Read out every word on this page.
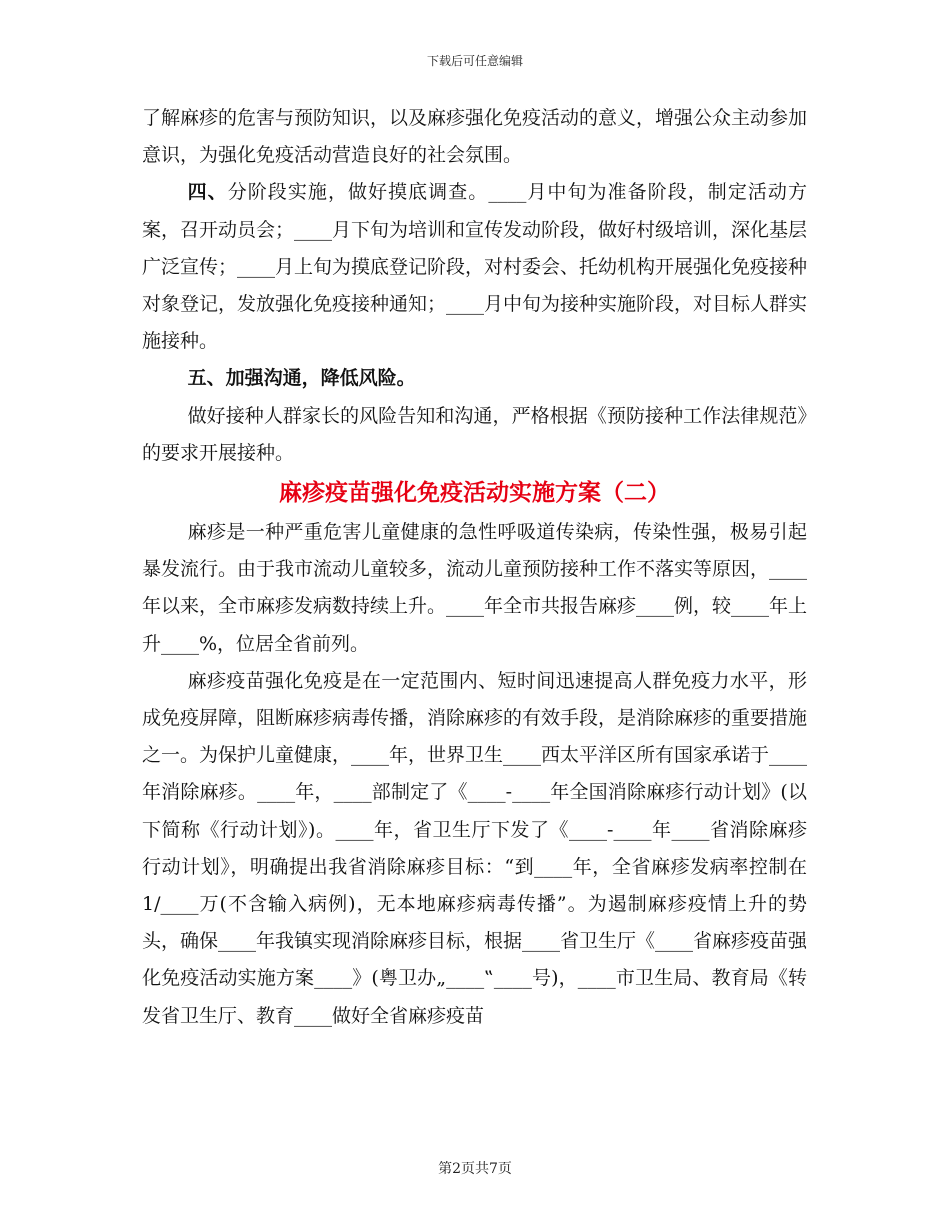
下载后可任意编辑

了解麻疹的危害与预防知识，以及麻疹强化免疫活动的意义，增强公众主动参加意识，为强化免疫活动营造良好的社会氛围。

四、分阶段实施，做好摸底调查。____月中旬为准备阶段，制定活动方案，召开动员会；____月下旬为培训和宣传发动阶段，做好村级培训，深化基层广泛宣传；____月上旬为摸底登记阶段，对村委会、托幼机构开展强化免疫接种对象登记，发放强化免疫接种通知；____月中旬为接种实施阶段，对目标人群实施接种。

五、加强沟通，降低风险。

做好接种人群家长的风险告知和沟通，严格根据《预防接种工作法律规范》的要求开展接种。

麻疹疫苗强化免疫活动实施方案（二）

麻疹是一种严重危害儿童健康的急性呼吸道传染病，传染性强，极易引起暴发流行。由于我市流动儿童较多，流动儿童预防接种工作不落实等原因，____年以来，全市麻疹发病数持续上升。____年全市共报告麻疹____例，较____年上升____%，位居全省前列。

麻疹疫苗强化免疫是在一定范围内、短时间迅速提高人群免疫力水平，形成免疫屏障，阻断麻疹病毒传播，消除麻疹的有效手段，是消除麻疹的重要措施之一。为保护儿童健康，____年，世界卫生____西太平洋区所有国家承诺于____年消除麻疹。____年，____部制定了《____-____年全国消除麻疹行动计划》(以下简称《行动计划》)。____年，省卫生厅下发了《____-____年____省消除麻疹行动计划》，明确提出我省消除麻疹目标：“到____年，全省麻疹发病率控制在1/____万(不含输入病例)，无本地麻疹病毒传播”。为遏制麻疹疫情上升的势头，确保____年我镇实现消除麻疹目标，根据____省卫生厅《____省麻疹疫苗强化免疫活动实施方案____》(粤卫办„____‟____号)，____市卫生局、教育局《转发省卫生厅、教育____做好全省麻疹疫苗

第2页共7页
